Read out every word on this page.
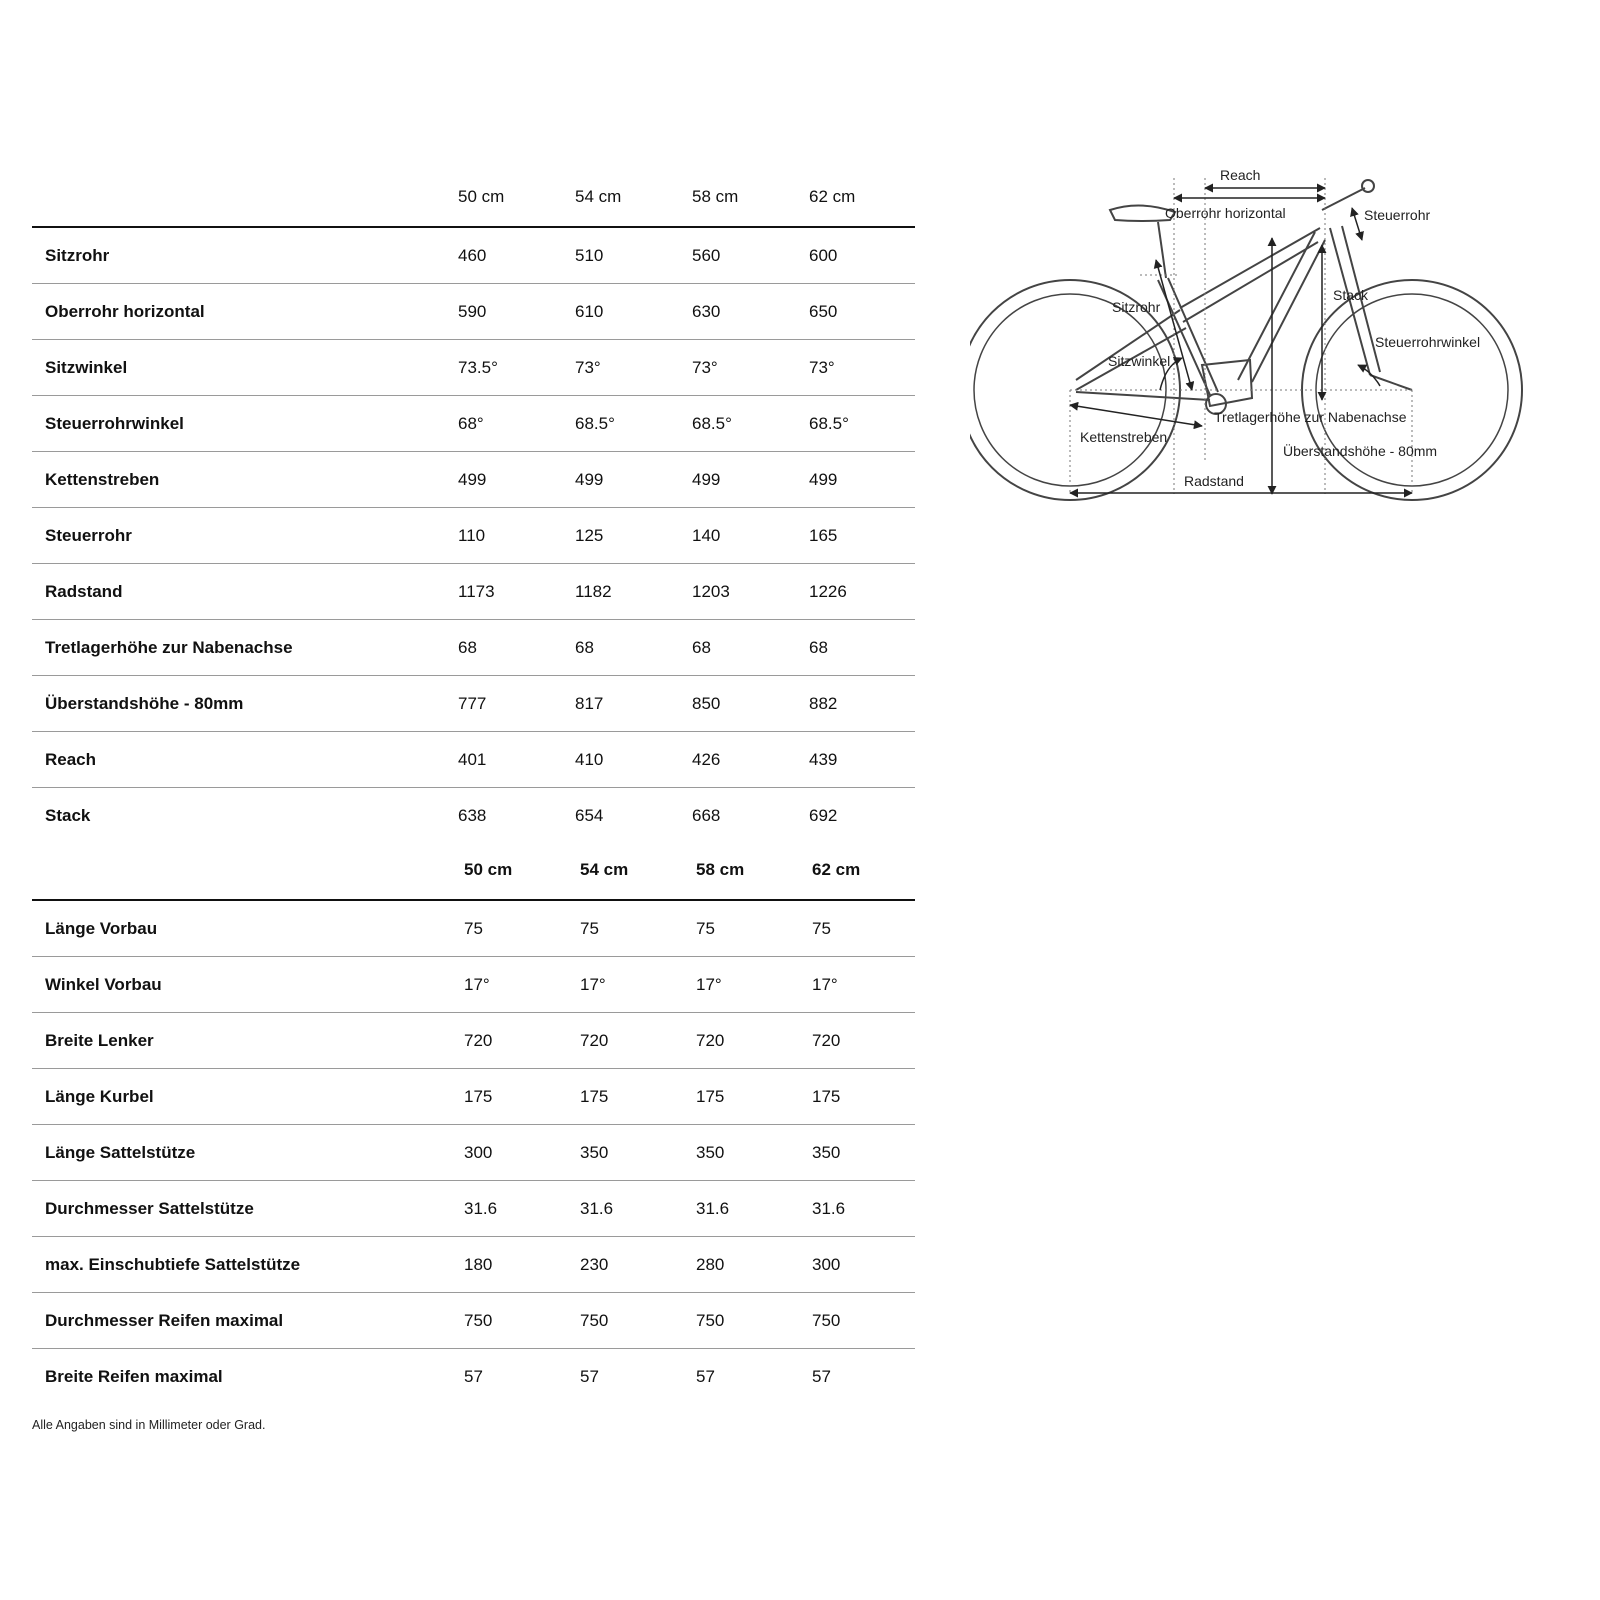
50 cm	54 cm	58 cm	62 cm
Sitzrohr	460	510	560	600
Oberrohr horizontal	590	610	630	650
Sitzwinkel	73.5°	73°	73°	73°
Steuerrohrwinkel	68°	68.5°	68.5°	68.5°
Kettenstreben	499	499	499	499
Steuerrohr	110	125	140	165
Radstand	1173	1182	1203	1226
Tretlagerhöhe zur Nabenachse	68	68	68	68
Überstandshöhe - 80mm	777	817	850	882
Reach	401	410	426	439
Stack	638	654	668	692
50 cm	54 cm	58 cm	62 cm
Länge Vorbau	75	75	75	75
Winkel Vorbau	17°	17°	17°	17°
Breite Lenker	720	720	720	720
Länge Kurbel	175	175	175	175
Länge Sattelstütze	300	350	350	350
Durchmesser Sattelstütze	31.6	31.6	31.6	31.6
max. Einschubtiefe Sattelstütze	180	230	280	300
Durchmesser Reifen maximal	750	750	750	750
Breite Reifen maximal	57	57	57	57
Alle Angaben sind in Millimeter oder Grad.
Reach
Oberrohr horizontal	Steuerrohr
Sitzrohr
Stack
Sitzwinkel
Steuerrohrwinkel
Tretlagerhöhe zur Nabenachse
Kettenstreben
Überstandshöhe - 80mm
Radstand
